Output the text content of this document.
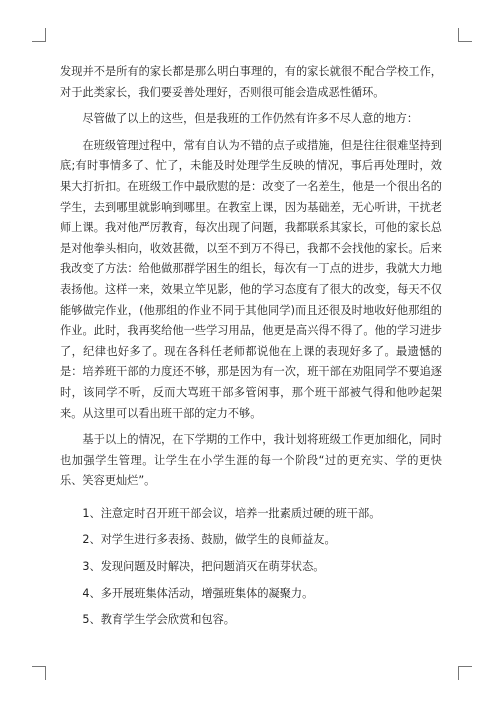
发现并不是所有的家长都是那么明白事理的，有的家长就很不配合学校工作，对于此类家长，我们要妥善处理好，否则很可能会造成恶性循环。

尽管做了以上的这些，但是我班的工作仍然有许多不尽人意的地方：

在班级管理过程中，常有自认为不错的点子或措施，但是往往很难坚持到底;有时事情多了、忙了，未能及时处理学生反映的情况，事后再处理时，效果大打折扣。在班级工作中最欣慰的是：改变了一名差生，他是一个很出名的学生，去到哪里就影响到哪里。在教室上课，因为基础差，无心听讲，干扰老师上课。我对他严厉教育，每次出现了问题，我都联系其家长，可他的家长总是对他拳头相向，收效甚微，以至不到万不得已，我都不会找他的家长。后来我改变了方法：给他做那群学困生的组长，每次有一丁点的进步，我就大力地表扬他。这样一来，效果立竿见影，他的学习态度有了很大的改变，每天不仅能够做完作业，(他那组的作业不同于其他同学)而且还很及时地收好他那组的作业。此时，我再奖给他一些学习用品，他更是高兴得不得了。他的学习进步了，纪律也好多了。现在各科任老师都说他在上课的表现好多了。最遗憾的是：培养班干部的力度还不够，那是因为有一次，班干部在劝阻同学不要追逐时，该同学不听，反而大骂班干部多管闲事，那个班干部被气得和他吵起架来。从这里可以看出班干部的定力不够。

基于以上的情况，在下学期的工作中，我计划将班级工作更加细化，同时也加强学生管理。让学生在小学生涯的每一个阶段“过的更充实、学的更快乐、笑容更灿烂”。

1、注意定时召开班干部会议，培养一批素质过硬的班干部。

2、对学生进行多表扬、鼓励，做学生的良师益友。

3、发现问题及时解决，把问题消灭在萌芽状态。

4、多开展班集体活动，增强班集体的凝聚力。

5、教育学生学会欣赏和包容。
